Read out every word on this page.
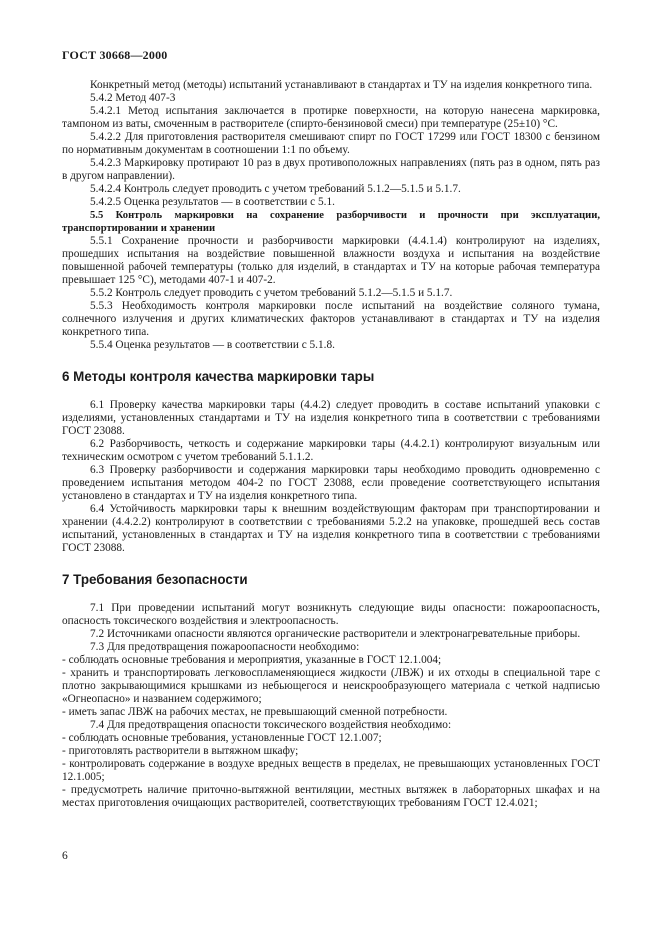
ГОСТ 30668—2000

Конкретный метод (методы) испытаний устанавливают в стандартах и ТУ на изделия конкретного типа.

5.4.2 Метод 407-3

5.4.2.1 Метод испытания заключается в протирке поверхности, на которую нанесена маркировка, тампоном из ваты, смоченным в растворителе (спирто-бензиновой смеси) при температуре (25±10) °С.

5.4.2.2 Для приготовления растворителя смешивают спирт по ГОСТ 17299 или ГОСТ 18300 с бензином по нормативным документам в соотношении 1:1 по объему.

5.4.2.3 Маркировку протирают 10 раз в двух противоположных направлениях (пять раз в одном, пять раз в другом направлении).

5.4.2.4 Контроль следует проводить с учетом требований 5.1.2—5.1.5 и 5.1.7.

5.4.2.5 Оценка результатов — в соответствии с 5.1.

5.5 Контроль маркировки на сохранение разборчивости и прочности при эксплуатации, транспортировании и хранении

5.5.1 Сохранение прочности и разборчивости маркировки (4.4.1.4) контролируют на изделиях, прошедших испытания на воздействие повышенной влажности воздуха и испытания на воздействие повышенной рабочей температуры (только для изделий, в стандартах и ТУ на которые рабочая температура превышает 125 °С), методами 407-1 и 407-2.

5.5.2 Контроль следует проводить с учетом требований 5.1.2—5.1.5 и 5.1.7.

5.5.3 Необходимость контроля маркировки после испытаний на воздействие соляного тумана, солнечного излучения и других климатических факторов устанавливают в стандартах и ТУ на изделия конкретного типа.

5.5.4 Оценка результатов — в соответствии с 5.1.8.

6 Методы контроля качества маркировки тары

6.1 Проверку качества маркировки тары (4.4.2) следует проводить в составе испытаний упаковки с изделиями, установленных стандартами и ТУ на изделия конкретного типа в соответствии с требованиями ГОСТ 23088.

6.2 Разборчивость, четкость и содержание маркировки тары (4.4.2.1) контролируют визуальным или техническим осмотром с учетом требований 5.1.1.2.

6.3 Проверку разборчивости и содержания маркировки тары необходимо проводить одновременно с проведением испытания методом 404-2 по ГОСТ 23088, если проведение соответствующего испытания установлено в стандартах и ТУ на изделия конкретного типа.

6.4 Устойчивость маркировки тары к внешним воздействующим факторам при транспортировании и хранении (4.4.2.2) контролируют в соответствии с требованиями 5.2.2 на упаковке, прошедшей весь состав испытаний, установленных в стандартах и ТУ на изделия конкретного типа в соответствии с требованиями ГОСТ 23088.

7 Требования безопасности

7.1 При проведении испытаний могут возникнуть следующие виды опасности: пожароопасность, опасность токсического воздействия и электроопасность.

7.2 Источниками опасности являются органические растворители и электронагревательные приборы.

7.3 Для предотвращения пожароопасности необходимо:

- соблюдать основные требования и мероприятия, указанные в ГОСТ 12.1.004;

- хранить и транспортировать легковоспламеняющиеся жидкости (ЛВЖ) и их отходы в специальной таре с плотно закрывающимися крышками из небьющегося и неискрообразующего материала с четкой надписью «Огнеопасно» и названием содержимого;

- иметь запас ЛВЖ на рабочих местах, не превышающий сменной потребности.

7.4 Для предотвращения опасности токсического воздействия необходимо:

- соблюдать основные требования, установленные ГОСТ 12.1.007;

- приготовлять растворители в вытяжном шкафу;

- контролировать содержание в воздухе вредных веществ в пределах, не превышающих установленных ГОСТ 12.1.005;

- предусмотреть наличие приточно-вытяжной вентиляции, местных вытяжек в лабораторных шкафах и на местах приготовления очищающих растворителей, соответствующих требованиям ГОСТ 12.4.021;

6
